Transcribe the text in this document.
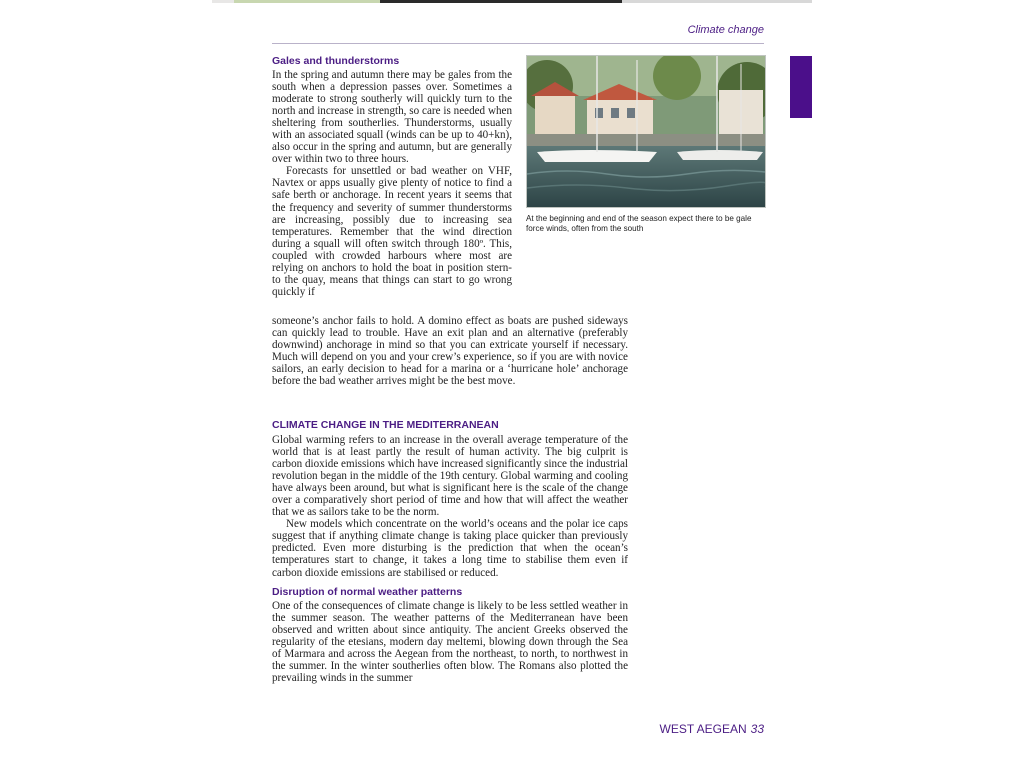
Climate change
Gales and thunderstorms

In the spring and autumn there may be gales from the south when a depression passes over. Sometimes a moderate to strong southerly will quickly turn to the north and increase in strength, so care is needed when sheltering from southerlies. Thunderstorms, usually with an associated squall (winds can be up to 40+kn), also occur in the spring and autumn, but are generally over within two to three hours.

Forecasts for unsettled or bad weather on VHF, Navtex or apps usually give plenty of notice to find a safe berth or anchorage. In recent years it seems that the frequency and severity of summer thunderstorms are increasing, possibly due to increasing sea temperatures. Remember that the wind direction during a squall will often switch through 180º. This, coupled with crowded harbours where most are relying on anchors to hold the boat in position stern-to the quay, means that things can start to go wrong quickly if

someone’s anchor fails to hold. A domino effect as boats are pushed sideways can quickly lead to trouble. Have an exit plan and an alternative (preferably downwind) anchorage in mind so that you can extricate yourself if necessary. Much will depend on you and your crew’s experience, so if you are with novice sailors, an early decision to head for a marina or a ‘hurricane hole’ anchorage before the bad weather arrives might be the best move.

At the beginning and end of the season expect there to be gale force winds, often from the south
CLIMATE CHANGE IN THE MEDITERRANEAN

Global warming refers to an increase in the overall average temperature of the world that is at least partly the result of human activity. The big culprit is carbon dioxide emissions which have increased significantly since the industrial revolution began in the middle of the 19th century. Global warming and cooling have always been around, but what is significant here is the scale of the change over a comparatively short period of time and how that will affect the weather that we as sailors take to be the norm.

New models which concentrate on the world’s oceans and the polar ice caps suggest that if anything climate change is taking place quicker than previously predicted. Even more disturbing is the prediction that when the ocean’s temperatures start to change, it takes a long time to stabilise them even if carbon dioxide emissions are stabilised or reduced.

Disruption of normal weather patterns

One of the consequences of climate change is likely to be less settled weather in the summer season. The weather patterns of the Mediterranean have been observed and written about since antiquity. The ancient Greeks observed the regularity of the etesians, modern day meltemi, blowing down through the Sea of Marmara and across the Aegean from the northeast, to north, to northwest in the summer. In the winter southerlies often blow. The Romans also plotted the prevailing winds in the summer

WEST AEGEAN 33
